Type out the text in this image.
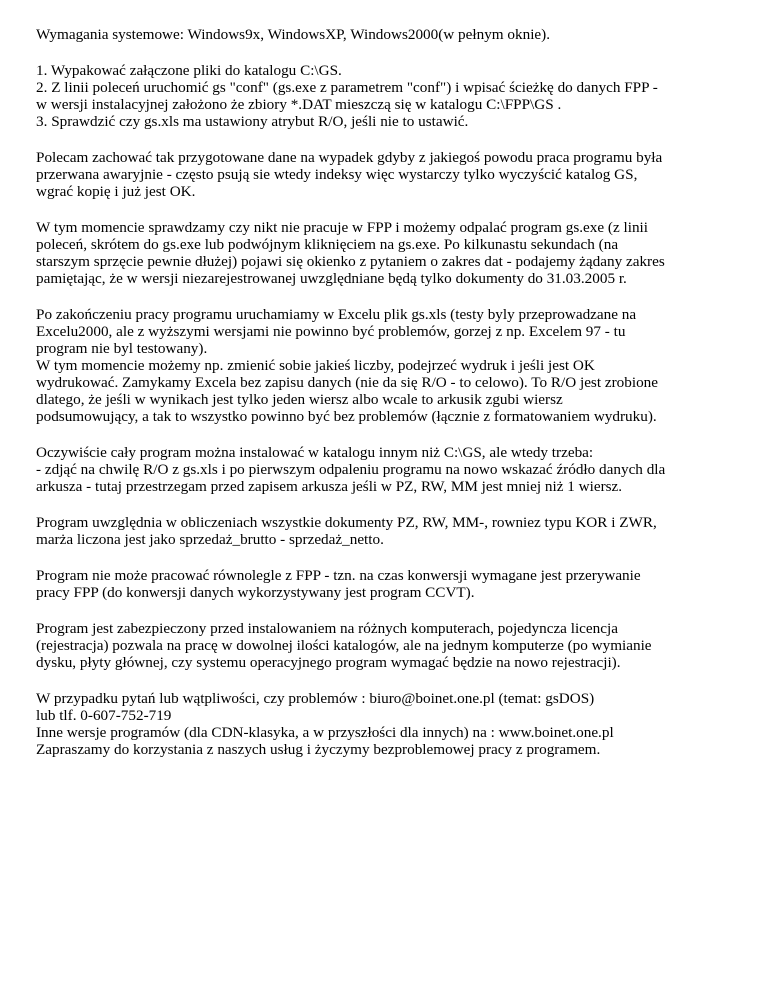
Wymagania systemowe: Windows9x, WindowsXP, Windows2000(w pełnym oknie).

1. Wypakować załączone pliki do katalogu C:\GS.
2. Z linii poleceń uruchomić gs "conf" (gs.exe z parametrem "conf") i wpisać ścieżkę do danych FPP -
w wersji instalacyjnej założono że zbiory *.DAT mieszczą się w katalogu C:\FPP\GS .
3. Sprawdzić czy gs.xls ma ustawiony atrybut R/O, jeśli nie to ustawić.

Polecam zachować tak przygotowane dane na wypadek gdyby z jakiegoś powodu praca programu była
przerwana awaryjnie - często psują sie wtedy indeksy więc wystarczy tylko wyczyścić katalog GS,
wgrać kopię i już jest OK.

W tym momencie sprawdzamy czy nikt nie pracuje w FPP i możemy odpalać program gs.exe (z linii
poleceń, skrótem do gs.exe lub podwójnym kliknięciem na gs.exe. Po kilkunastu sekundach (na
starszym sprzęcie pewnie dłużej) pojawi się okienko z pytaniem o zakres dat - podajemy żądany zakres
pamiętając, że w wersji niezarejestrowanej uwzględniane będą tylko dokumenty do 31.03.2005 r.

Po zakończeniu pracy programu uruchamiamy w Excelu plik gs.xls (testy byly przeprowadzane na
Excelu2000, ale z wyższymi wersjami nie powinno być problemów, gorzej z np. Excelem 97 - tu
program nie byl testowany).
W tym momencie możemy np. zmienić sobie jakieś liczby, podejrzeć wydruk i jeśli jest OK
wydrukować. Zamykamy Excela bez zapisu danych (nie da się R/O - to celowo). To R/O jest zrobione
dlatego, że jeśli w wynikach jest tylko jeden wiersz albo wcale to arkusik zgubi wiersz
podsumowujący, a tak to wszystko powinno być bez problemów (łącznie z formatowaniem wydruku).

Oczywiście cały program można instalować w katalogu innym niż C:\GS, ale wtedy trzeba:
- zdjąć na chwilę R/O z gs.xls i po pierwszym odpaleniu programu na nowo wskazać źródło danych dla
arkusza - tutaj przestrzegam przed zapisem arkusza jeśli w PZ, RW, MM jest mniej niż 1 wiersz.

Program uwzględnia w obliczeniach wszystkie dokumenty PZ, RW, MM-, rowniez typu KOR i ZWR,
marża liczona jest jako sprzedaż_brutto - sprzedaż_netto.

Program nie może pracować równolegle z FPP - tzn. na czas konwersji wymagane jest przerywanie
pracy FPP (do konwersji danych wykorzystywany jest program CCVT).

Program jest zabezpieczony przed instalowaniem na różnych komputerach, pojedyncza licencja
(rejestracja) pozwala na pracę w dowolnej ilości katalogów, ale na jednym komputerze (po wymianie
dysku, płyty głównej, czy systemu operacyjnego program wymagać będzie na nowo rejestracji).

W przypadku pytań lub wątpliwości, czy problemów : biuro@boinet.one.pl (temat: gsDOS)
lub tlf. 0-607-752-719
Inne wersje programów (dla CDN-klasyka, a w przyszłości dla innych) na : www.boinet.one.pl
Zapraszamy do korzystania z naszych usług i życzymy bezproblemowej pracy z programem.
